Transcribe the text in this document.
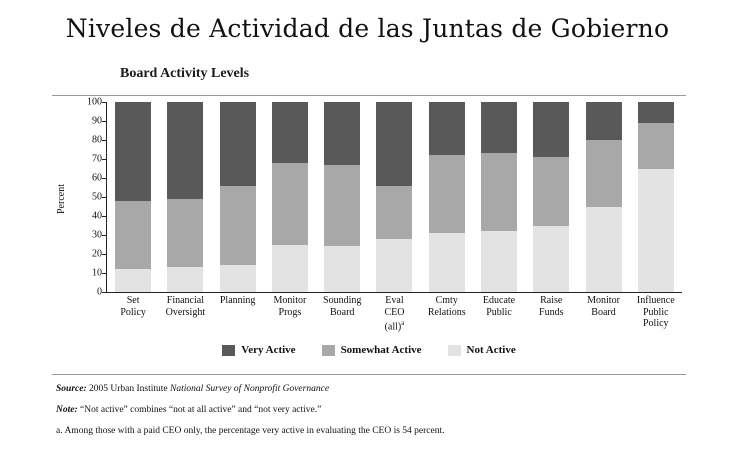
Niveles de Actividad de las Juntas de Gobierno
Board Activity Levels
Percent
0
10
20
30
40
50
60
70
80
90
100
Set
Policy
Financial
Oversight
Planning	Monitor
Progs
Sounding
Board
Eval
CEO
(all)$^a$
Cmty
Relations
Educate
Public
Raise
Funds
Monitor
Board
Influence
Public
Policy
Very Active	Somewhat Active	Not Active
Source: 2005 Urban Institute National Survey of Nonprofit Governance
Note: “Not active” combines “not at all active” and “not very active.”
a. Among those with a paid CEO only, the percentage very active in evaluating the CEO is 54 percent.
